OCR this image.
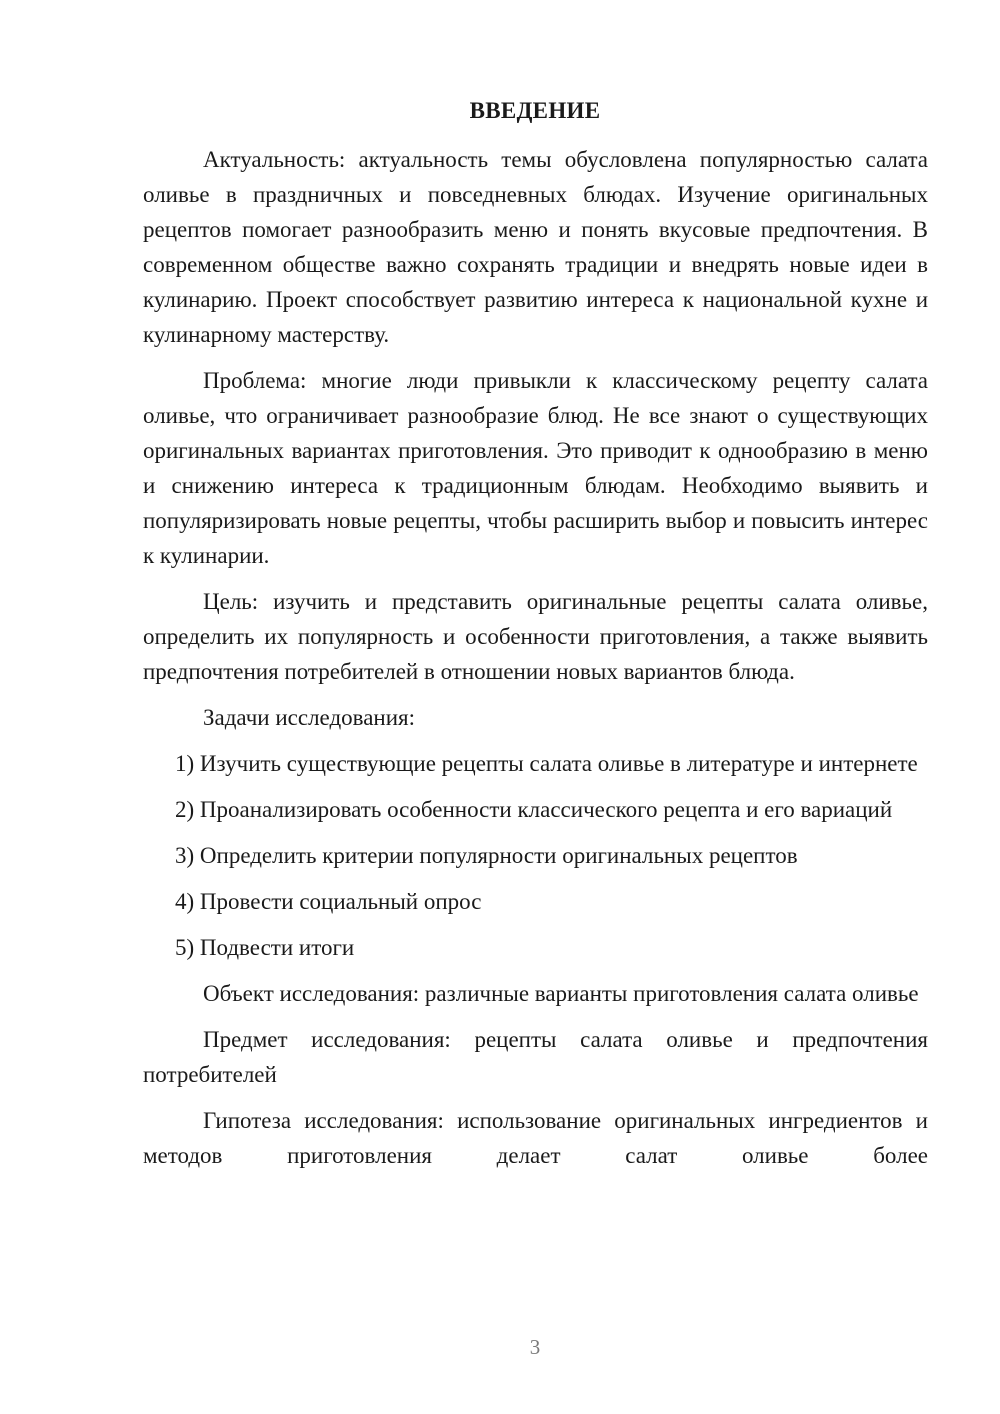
ВВЕДЕНИЕ

Актуальность: актуальность темы обусловлена популярностью салата оливье в праздничных и повседневных блюдах. Изучение оригинальных рецептов помогает разнообразить меню и понять вкусовые предпочтения. В современном обществе важно сохранять традиции и внедрять новые идеи в кулинарию. Проект способствует развитию интереса к национальной кухне и кулинарному мастерству.

Проблема: многие люди привыкли к классическому рецепту салата оливье, что ограничивает разнообразие блюд. Не все знают о существующих оригинальных вариантах приготовления. Это приводит к однообразию в меню и снижению интереса к традиционным блюдам. Необходимо выявить и популяризировать новые рецепты, чтобы расширить выбор и повысить интерес к кулинарии.

Цель: изучить и представить оригинальные рецепты салата оливье, определить их популярность и особенности приготовления, а также выявить предпочтения потребителей в отношении новых вариантов блюда.

Задачи исследования:

1) Изучить существующие рецепты салата оливье в литературе и интернете

2) Проанализировать особенности классического рецепта и его вариаций

3) Определить критерии популярности оригинальных рецептов

4) Провести социальный опрос

5) Подвести итоги

Объект исследования: различные варианты приготовления салата оливье

Предмет исследования: рецепты салата оливье и предпочтения потребителей

Гипотеза исследования: использование оригинальных ингредиентов и методов приготовления делает салат оливье более

3
